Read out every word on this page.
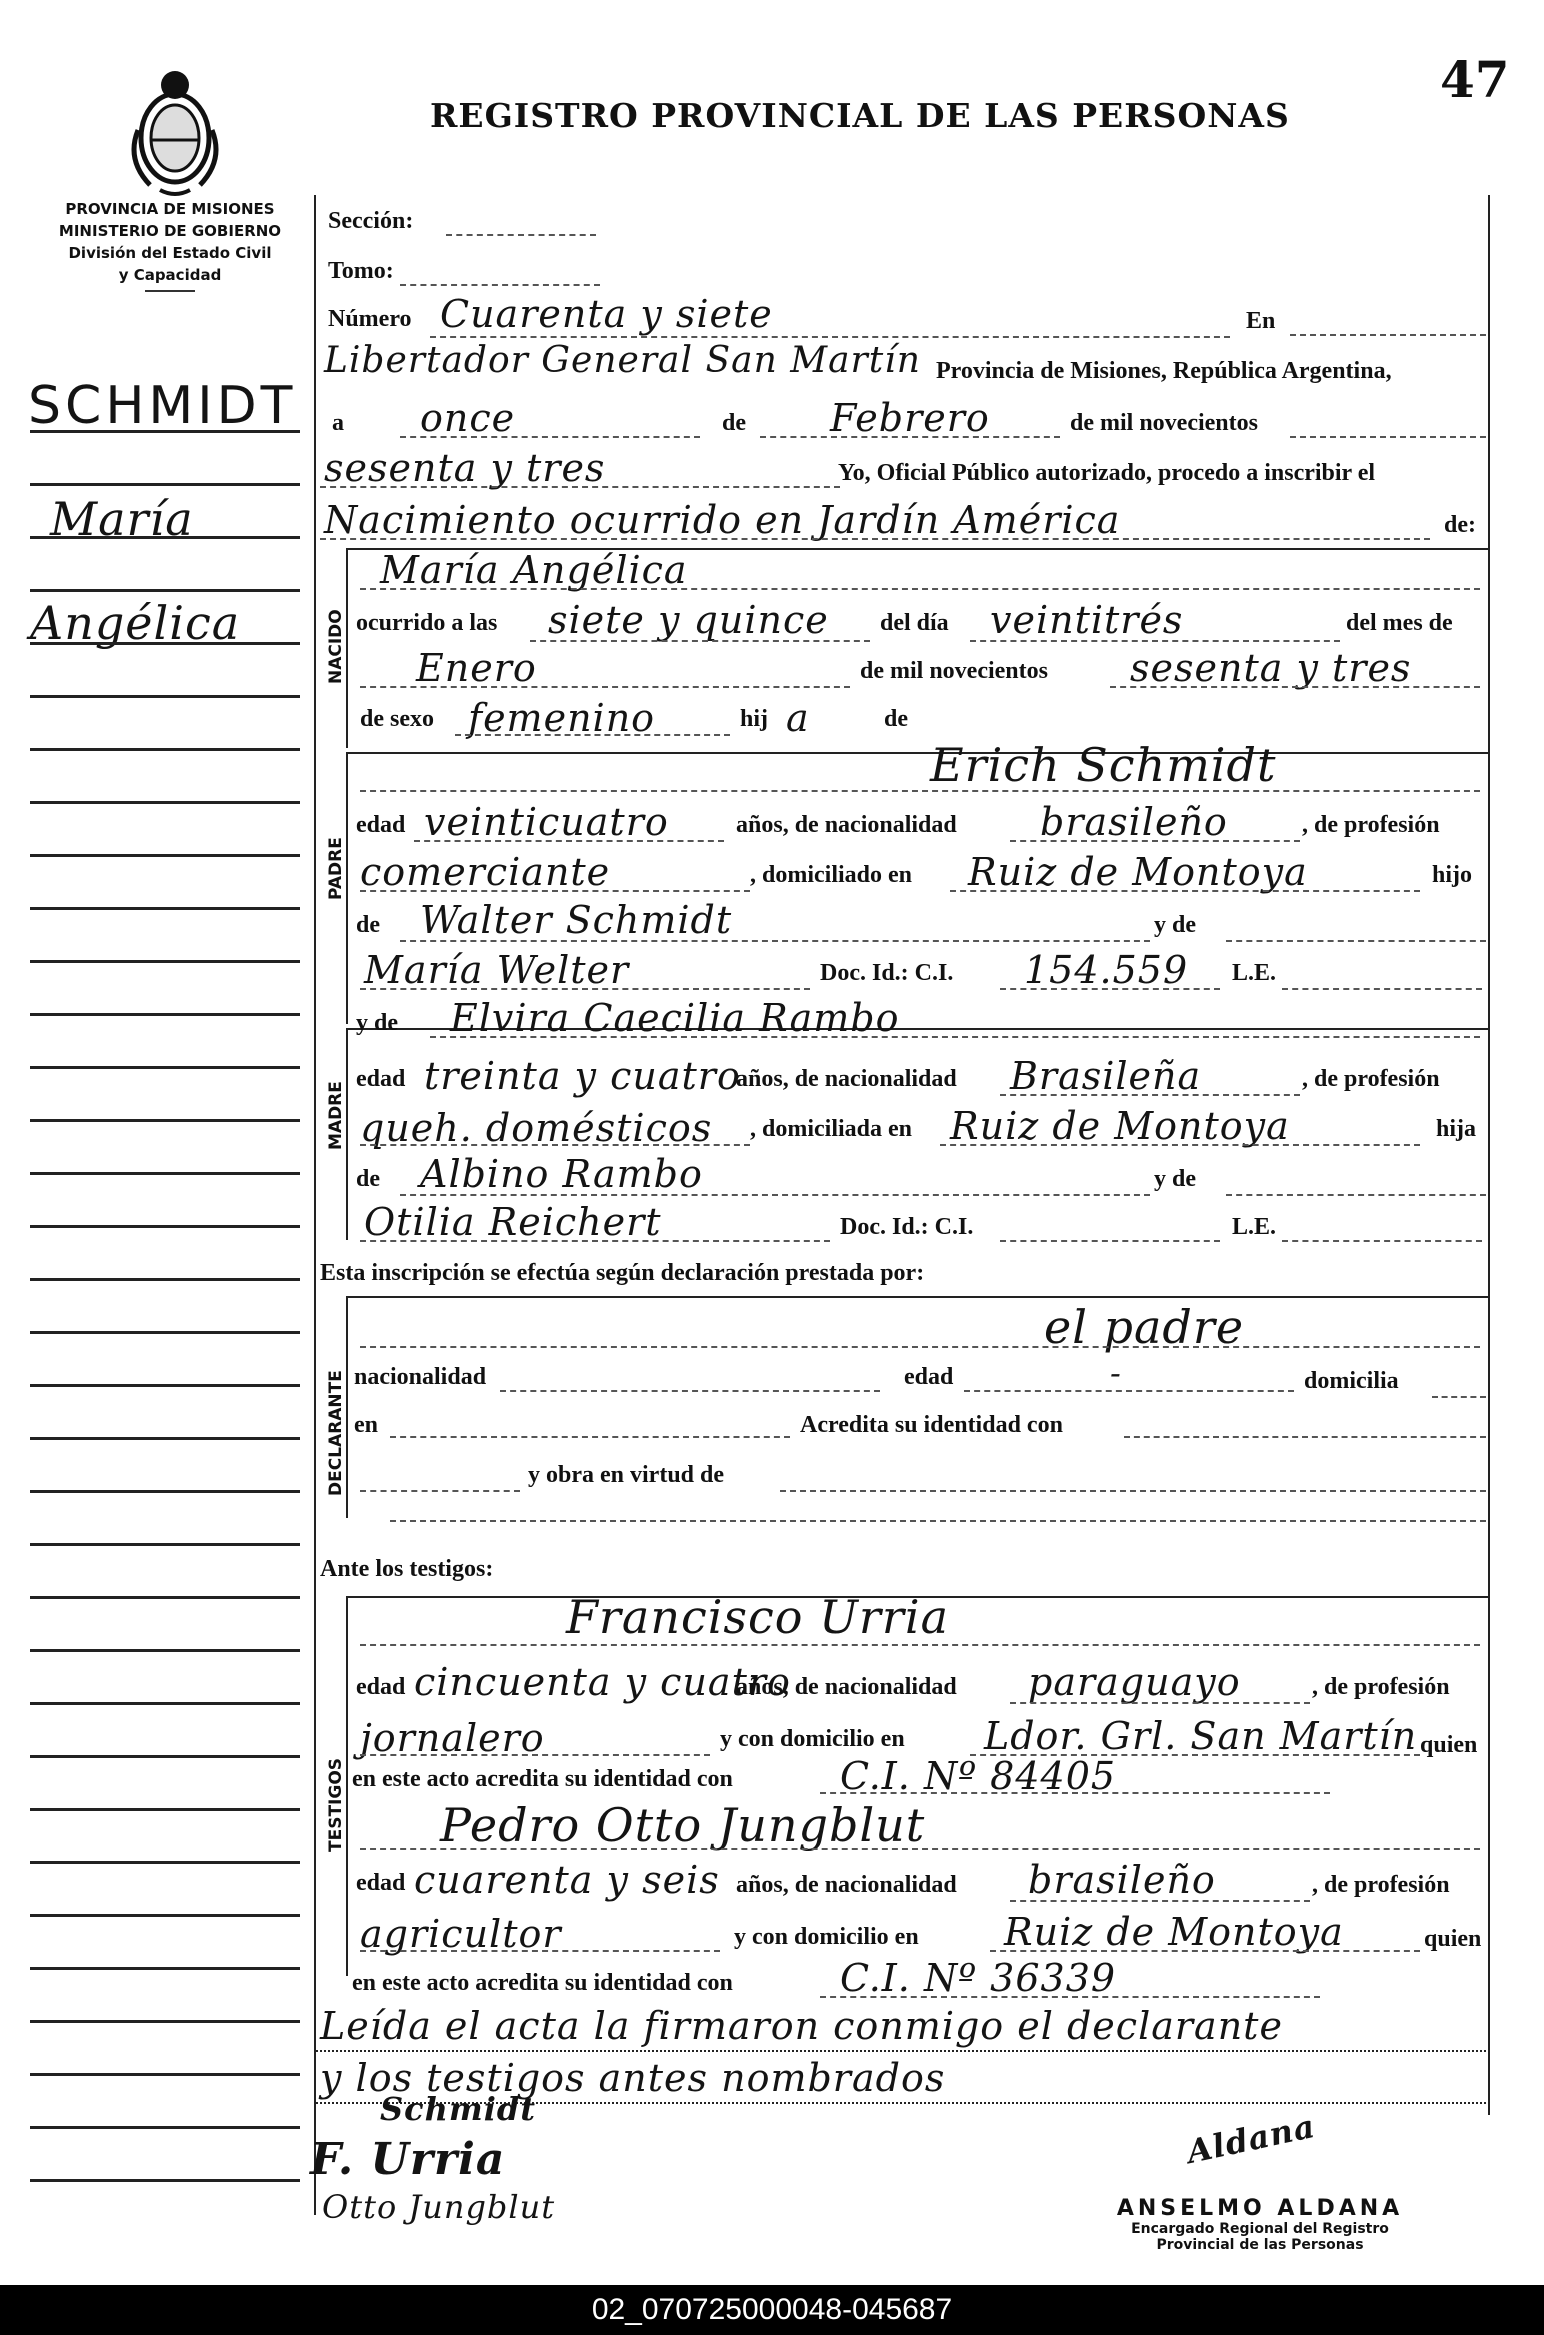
47
REGISTRO PROVINCIAL DE LAS PERSONAS
PROVINCIA DE MISIONES
MINISTERIO DE GOBIERNO
División del Estado Civil
y Capacidad
SCHMIDT
María
Angélica
Sección:
Tomo:
Número Cuarenta y siete	En
Libertador General San Martín Provincia de Misiones, República Argentina,
a once	de Febrero	de mil novecientos
sesenta y tres	Yo, Oficial Público autorizado, procedo a inscribir el
Nacimiento ocurrido en Jardín América	de:
NACIDO
María Angélica
ocurrido a las siete y quince del día veintitrés	del mes de
Enero	de mil novecientos sesenta y tres
de sexo femenino	hij a	de
PADRE
Erich Schmidt
edad veinticuatro	años, de nacionalidad brasileño	, de profesión
comerciante	, domiciliado en Ruiz de Montoya	hijo
de Walter Schmidt	y de
María Welter	Doc. Id.: C.I. 154.559 L.E.
MADRE
y de Elvira Caecilia Rambo
edad treinta y cuatro
años, de nacionalidad Brasileña	, de profesión
queh. domésticos , domiciliada en Ruiz de Montoya	hija
de Albino Rambo	y de
Otilia Reichert	Doc. Id.: C.I.	L.E.
Esta inscripción se efectúa según declaración prestada por:
DECLARANTE
el padre
nacionalidad	edad	-	domicilia
en	Acredita su identidad con
y obra en virtud de
Ante los testigos:
TESTIGOS
Francisco Urria
edad cincuenta y cuatro
años, de nacionalidad paraguayo	, de profesión
jornalero	y con domicilio en Ldor. Grl. San Martín quien
en este acto acredita su identidad con	C.I. Nº 84405
Pedro Otto Jungblut
edad cuarenta y seis años, de nacionalidad brasileño	, de profesión
agricultor	y con domicilio en Ruiz de Montoya	quien
en este acto acredita su identidad con	C.I. Nº 36339
Leída el acta la firmaron conmigo el declarante
y los testigos antes nombrados
Schmidt
F. Urria
Otto Jungblut
Aldana
ANSELMO ALDANA
Encargado Regional del Registro
Provincial de las Personas
02_070725000048-045687
